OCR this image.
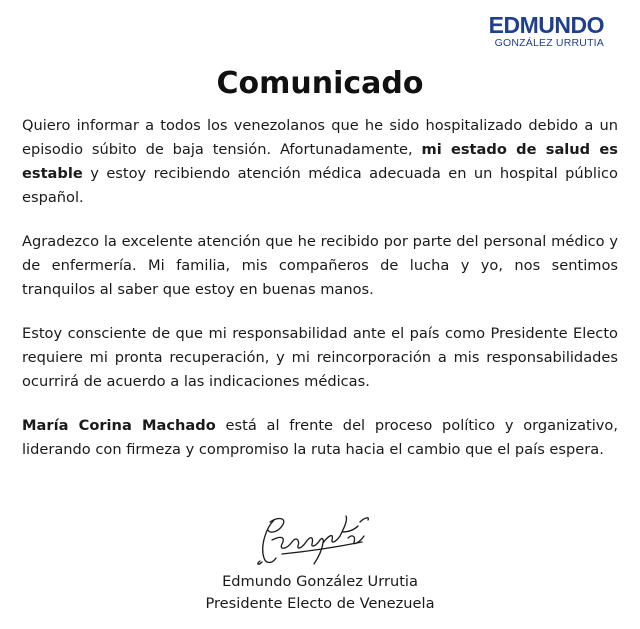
EDMUNDO
GONZÁLEZ URRUTIA
Comunicado

Quiero informar a todos los venezolanos que he sido hospitalizado debido a un episodio súbito de baja tensión. Afortunadamente, mi estado de salud es estable y estoy recibiendo atención médica adecuada en un hospital público español.

Agradezco la excelente atención que he recibido por parte del personal médico y de enfermería. Mi familia, mis compañeros de lucha y yo, nos sentimos tranquilos al saber que estoy en buenas manos.

Estoy consciente de que mi responsabilidad ante el país como Presidente Electo requiere mi pronta recuperación, y mi reincorporación a mis responsabilidades ocurrirá de acuerdo a las indicaciones médicas.

María Corina Machado está al frente del proceso político y organizativo, liderando con firmeza y compromiso la ruta hacia el cambio que el país espera.

Edmundo González Urrutia
Presidente Electo de Venezuela
